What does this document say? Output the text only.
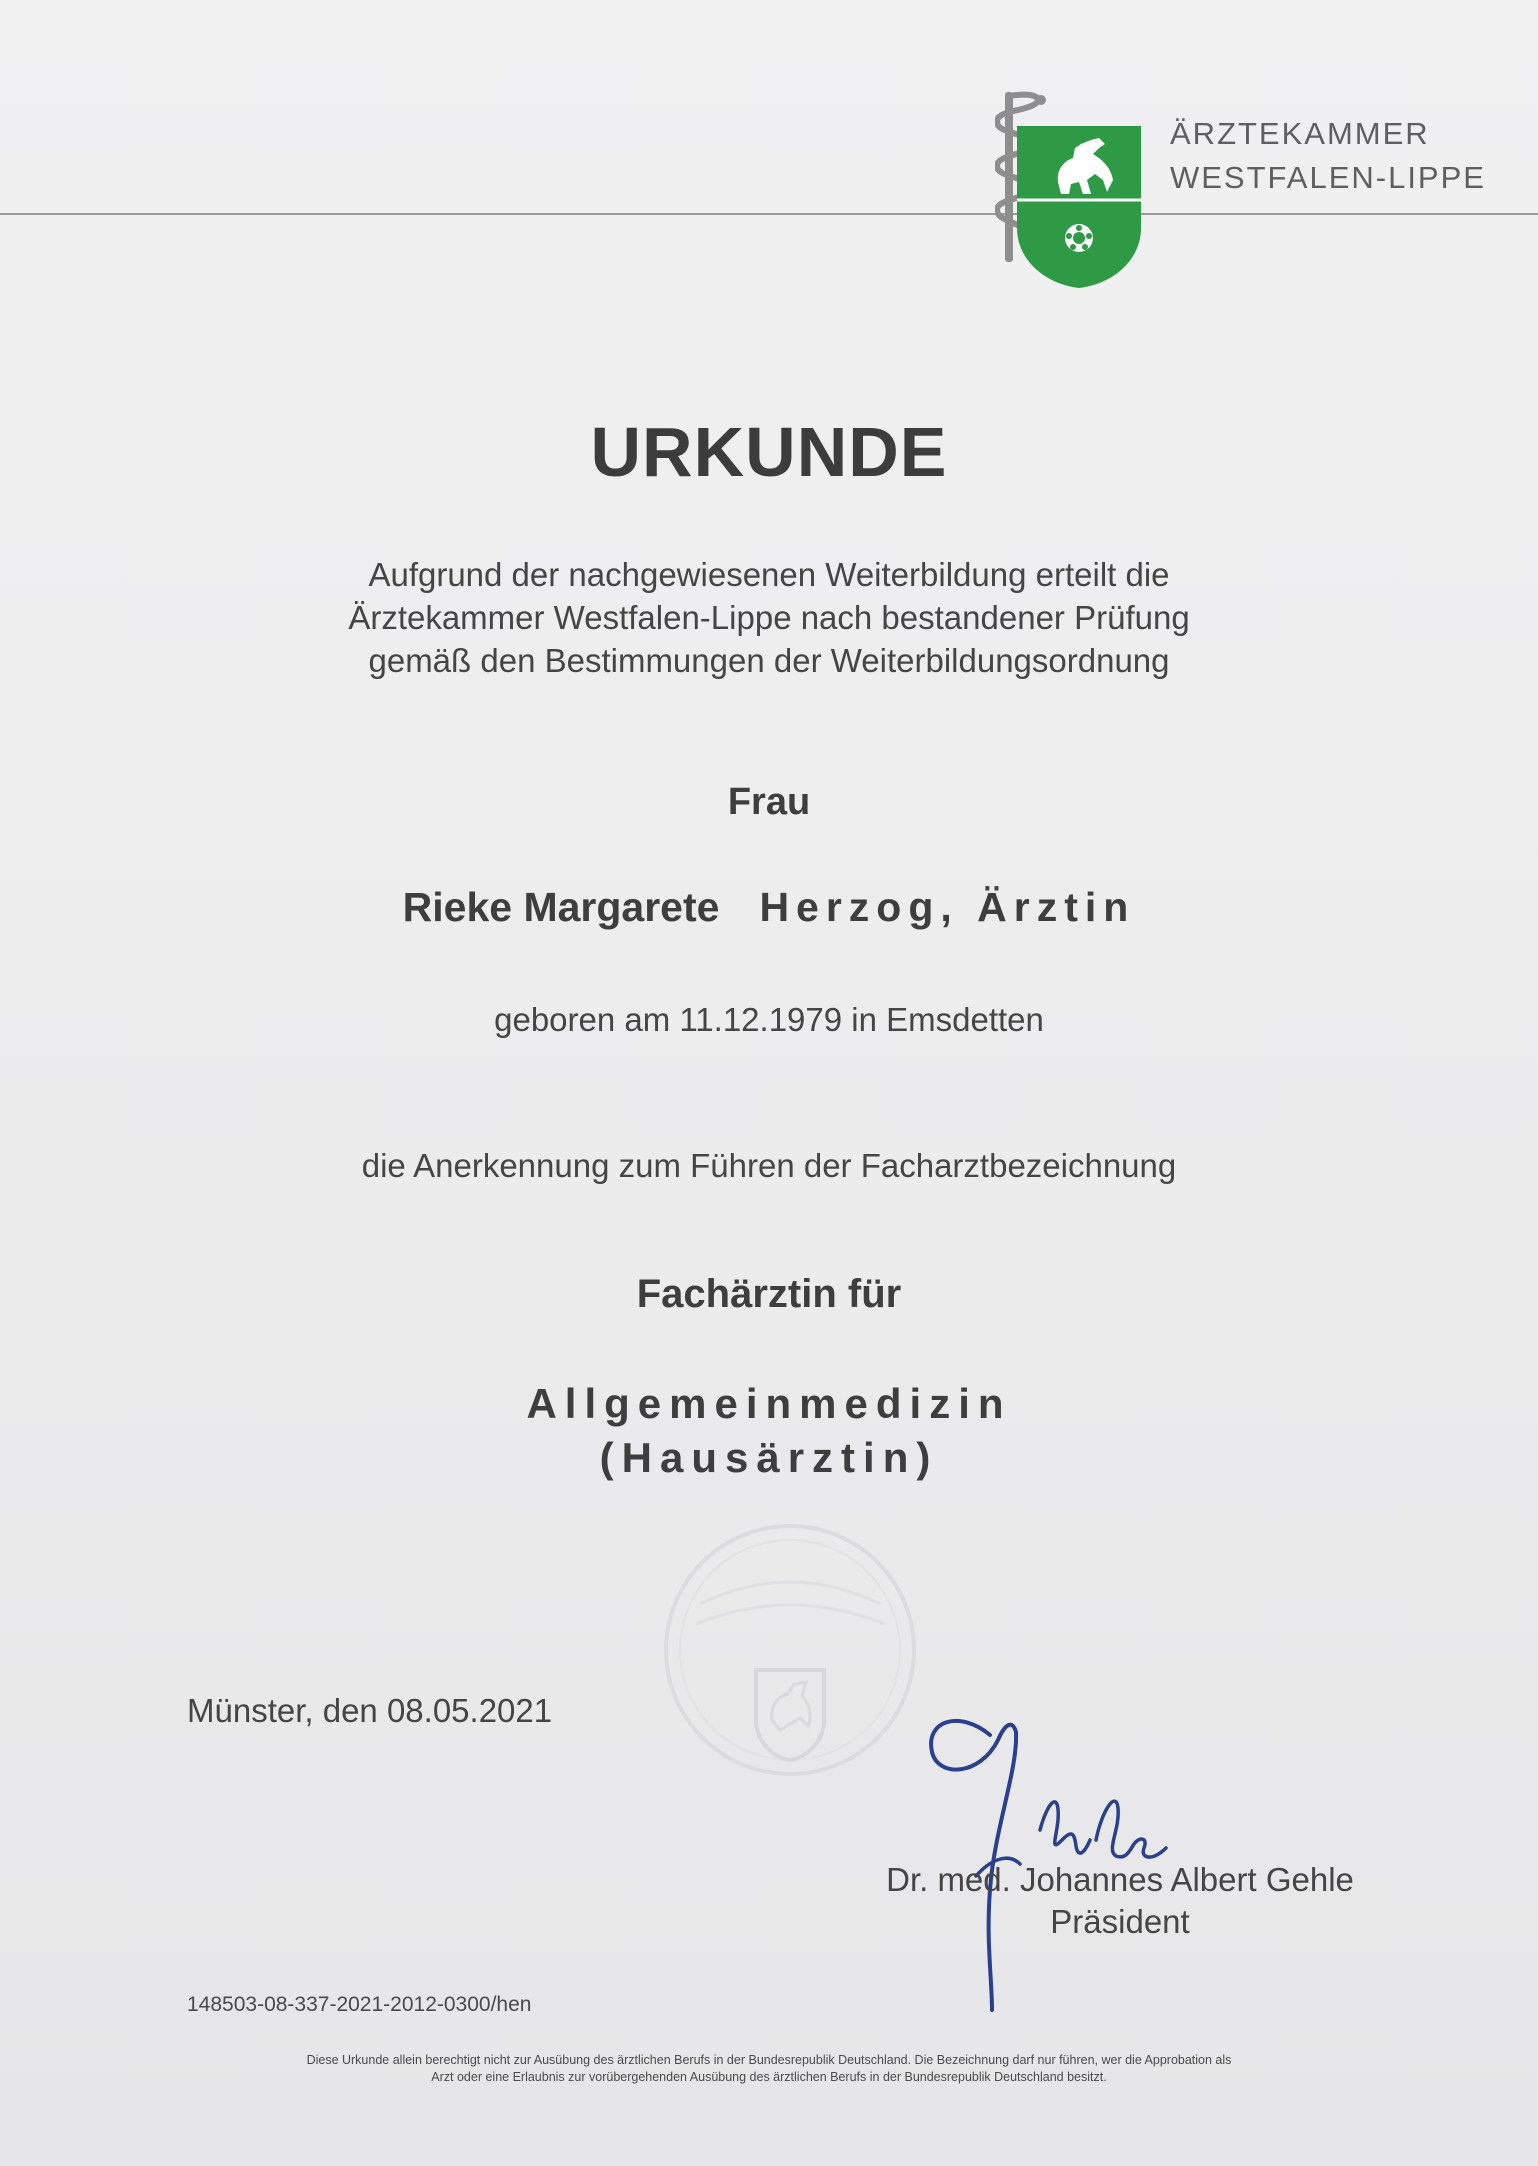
ÄRZTEKAMMER
WESTFALEN-LIPPE
URKUNDE
Aufgrund der nachgewiesenen Weiterbildung erteilt die
Ärztekammer Westfalen-Lippe nach bestandener Prüfung
gemäß den Bestimmungen der Weiterbildungsordnung
Frau
Rieke Margarete Herzog, Ärztin
geboren am 11.12.1979 in Emsdetten
die Anerkennung zum Führen der Facharztbezeichnung
Fachärztin für
Allgemeinmedizin
(Hausärztin)
Münster, den 08.05.2021
Dr. med. Johannes Albert Gehle
Präsident
148503-08-337-2021-2012-0300/hen
Diese Urkunde allein berechtigt nicht zur Ausübung des ärztlichen Berufs in der Bundesrepublik Deutschland. Die Bezeichnung darf nur führen, wer die Approbation als
Arzt oder eine Erlaubnis zur vorübergehenden Ausübung des ärztlichen Berufs in der Bundesrepublik Deutschland besitzt.
